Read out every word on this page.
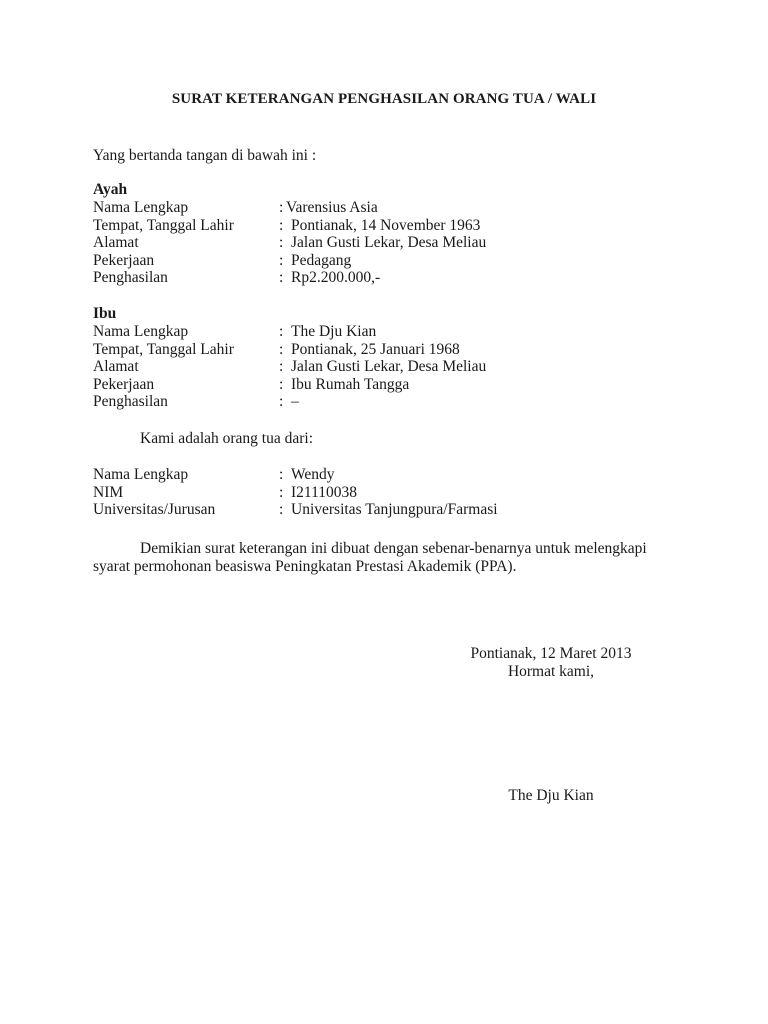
SURAT KETERANGAN PENGHASILAN ORANG TUA / WALI
Yang bertanda tangan di bawah ini :
Ayah
Nama Lengkap	: Varensius Asia
Tempat, Tanggal Lahir	: Pontianak, 14 November 1963
Alamat	: Jalan Gusti Lekar, Desa Meliau
Pekerjaan	: Pedagang
Penghasilan	: Rp2.200.000,-
Ibu
Nama Lengkap	: The Dju Kian
Tempat, Tanggal Lahir	: Pontianak, 25 Januari 1968
Alamat	: Jalan Gusti Lekar, Desa Meliau
Pekerjaan	: Ibu Rumah Tangga
Penghasilan	: –
Kami adalah orang tua dari:
Nama Lengkap	: Wendy
NIM	: I21110038
Universitas/Jurusan	: Universitas Tanjungpura/Farmasi
Demikian surat keterangan ini dibuat dengan sebenar-benarnya untuk melengkapi
syarat permohonan beasiswa Peningkatan Prestasi Akademik (PPA).
Pontianak, 12 Maret 2013
Hormat kami,
The Dju Kian
